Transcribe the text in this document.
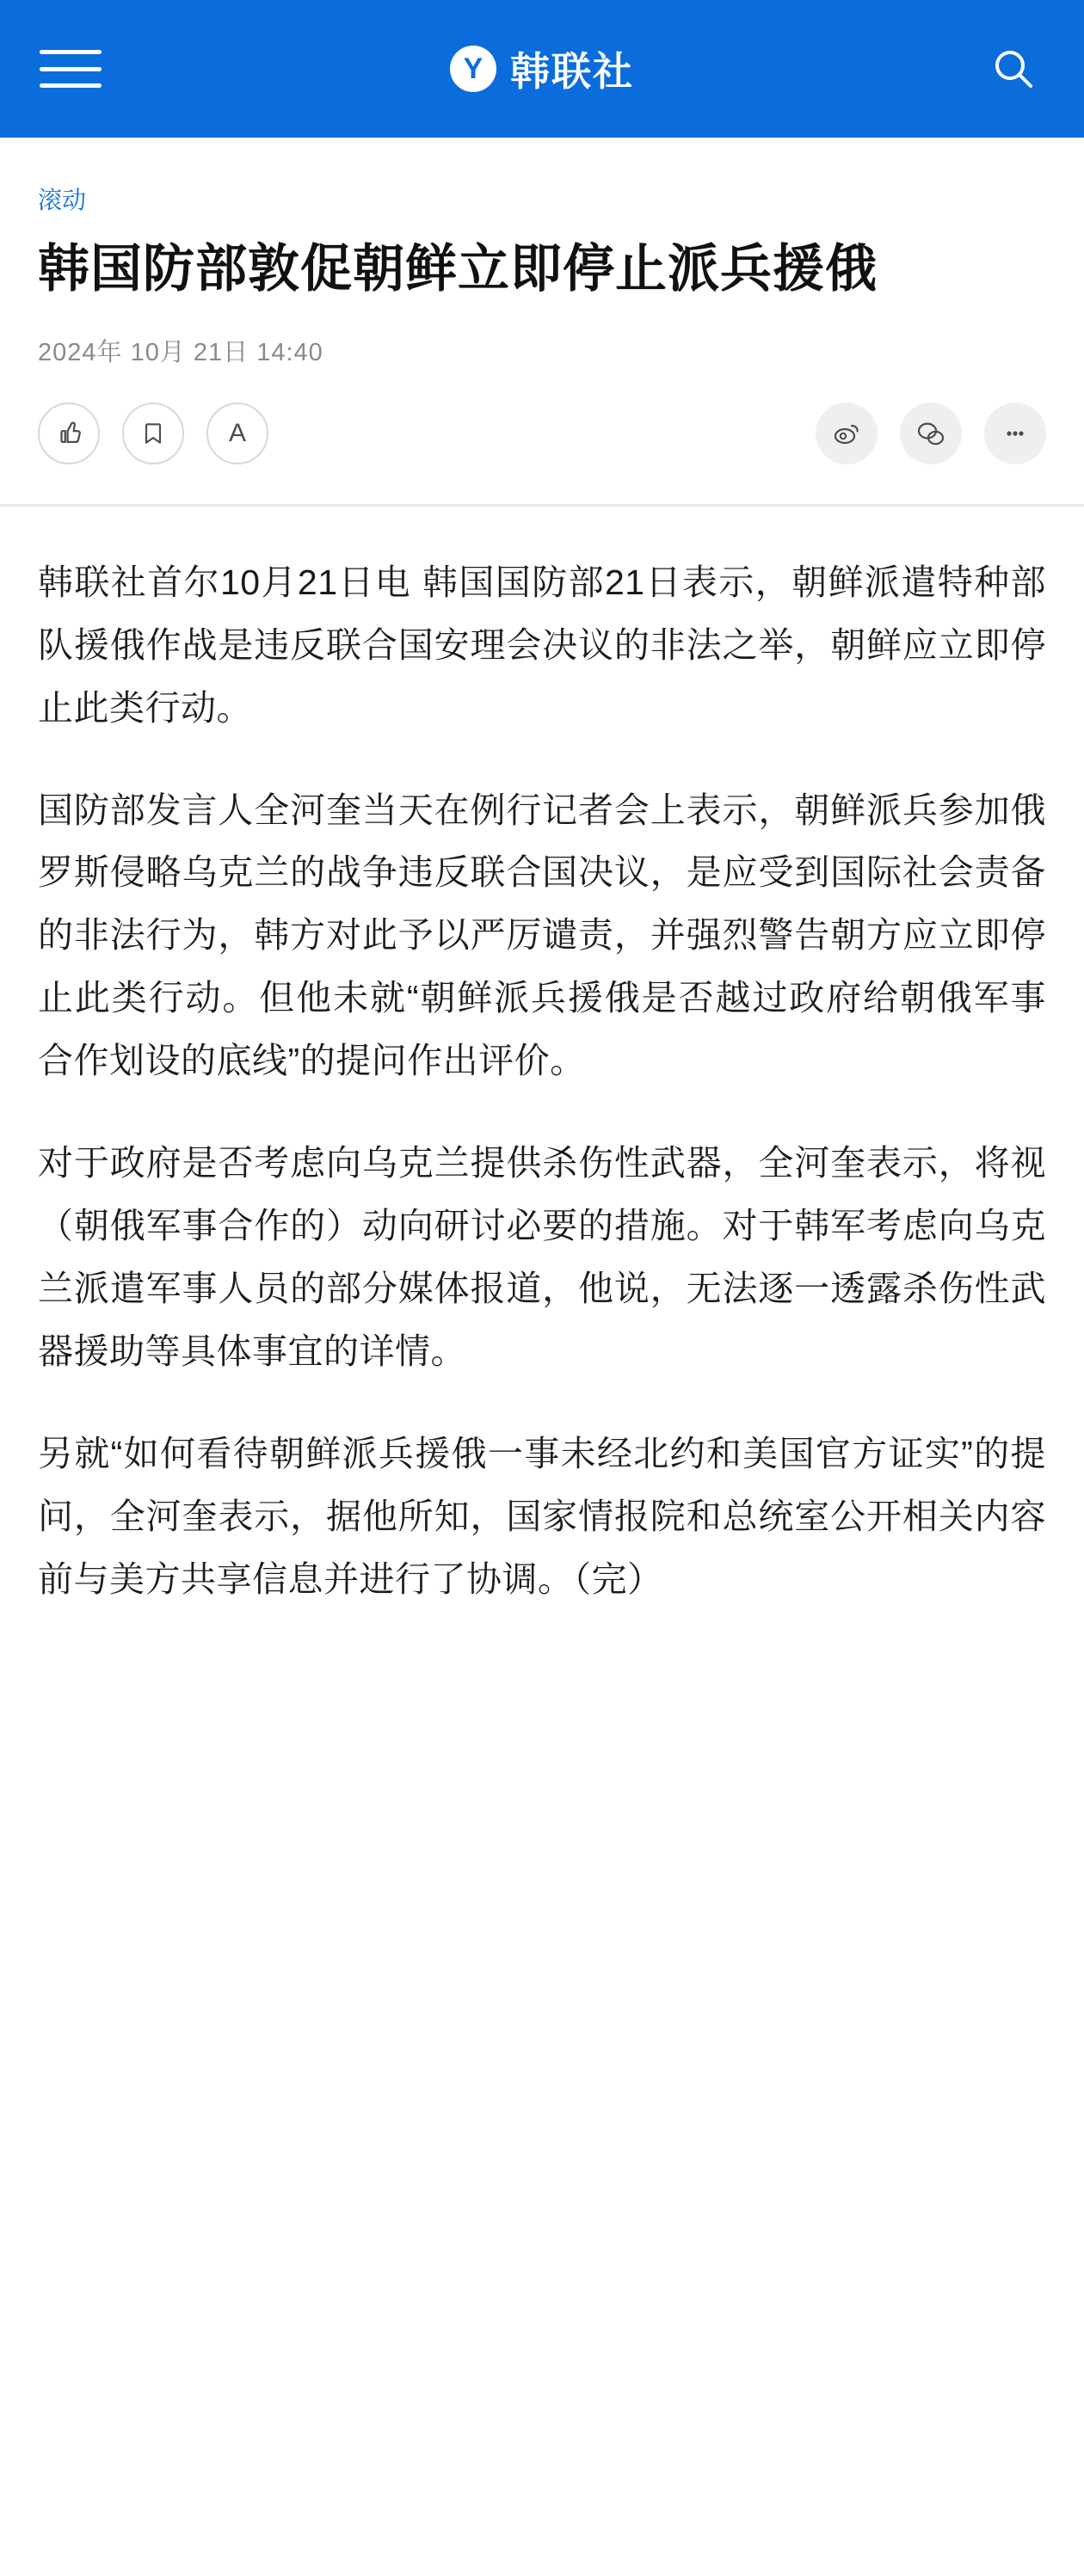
Y 韩联社
滚动
韩国防部敦促朝鲜立即停止派兵援俄
2024年 10月 21日 14:40
A

韩联社首尔10月21日电 韩国国防部21日表示，朝鲜派遣特种部队援俄作战是违反联合国安理会决议的非法之举，朝鲜应立即停止此类行动。

国防部发言人全河奎当天在例行记者会上表示，朝鲜派兵参加俄罗斯侵略乌克兰的战争违反联合国决议，是应受到国际社会责备的非法行为，韩方对此予以严厉谴责，并强烈警告朝方应立即停止此类行动。但他未就“朝鲜派兵援俄是否越过政府给朝俄军事合作划设的底线”的提问作出评价。

对于政府是否考虑向乌克兰提供杀伤性武器，全河奎表示，将视（朝俄军事合作的）动向研讨必要的措施。对于韩军考虑向乌克兰派遣军事人员的部分媒体报道，他说，无法逐一透露杀伤性武器援助等具体事宜的详情。

另就“如何看待朝鲜派兵援俄一事未经北约和美国官方证实”的提问，全河奎表示，据他所知，国家情报院和总统室公开相关内容前与美方共享信息并进行了协调。（完）
